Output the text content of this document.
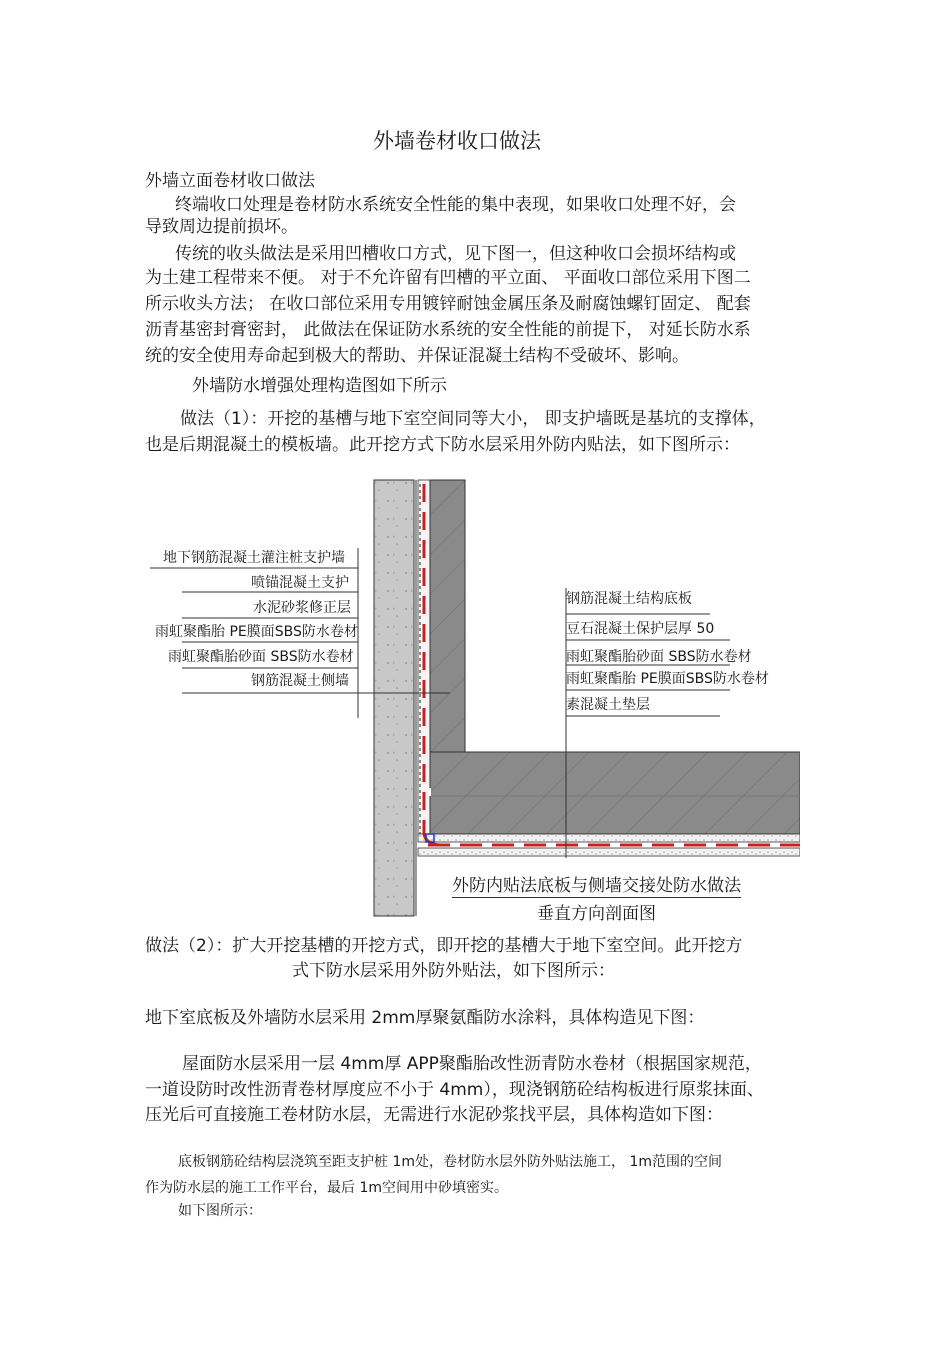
外墙卷材收口做法
外墙立面卷材收口做法
终端收口处理是卷材防水系统安全性能的集中表现，如果收口处理不好，会
导致周边提前损坏。
传统的收头做法是采用凹槽收口方式，见下图一，但这种收口会损坏结构或
为土建工程带来不便。 对于不允许留有凹槽的平立面、 平面收口部位采用下图二
所示收头方法； 在收口部位采用专用镀锌耐蚀金属压条及耐腐蚀螺钉固定、 配套
沥青基密封膏密封， 此做法在保证防水系统的安全性能的前提下， 对延长防水系
统的安全使用寿命起到极大的帮助、并保证混凝土结构不受破坏、影响。
外墙防水增强处理构造图如下所示
做法（1）：开挖的基槽与地下室空间同等大小， 即支护墙既是基坑的支撑体，
也是后期混凝土的模板墙。此开挖方式下防水层采用外防内贴法，如下图所示：
地下钢筋混凝土灌注桩支护墙
喷锚混凝土支护
水泥砂浆修正层
雨虹聚酯胎 PE膜面SBS防水卷材
雨虹聚酯胎砂面 SBS防水卷材
钢筋混凝土侧墙
钢筋混凝土结构底板
豆石混凝土保护层厚 50
雨虹聚酯胎砂面 SBS防水卷材
雨虹聚酯胎 PE膜面SBS防水卷材
素混凝土垫层
外防内贴法底板与侧墙交接处防水做法
垂直方向剖面图
做法（2）：扩大开挖基槽的开挖方式，即开挖的基槽大于地下室空间。此开挖方
式下防水层采用外防外贴法，如下图所示：
地下室底板及外墙防水层采用 2mm厚聚氨酯防水涂料，具体构造见下图：
屋面防水层采用一层 4mm厚 APP聚酯胎改性沥青防水卷材（根据国家规范，
一道设防时改性沥青卷材厚度应不小于 4mm），现浇钢筋砼结构板进行原浆抹面、
压光后可直接施工卷材防水层，无需进行水泥砂浆找平层，具体构造如下图：
底板钢筋砼结构层浇筑至距支护桩 1m处，卷材防水层外防外贴法施工， 1m范围的空间
作为防水层的施工工作平台，最后 1m空间用中砂填密实。
如下图所示：
